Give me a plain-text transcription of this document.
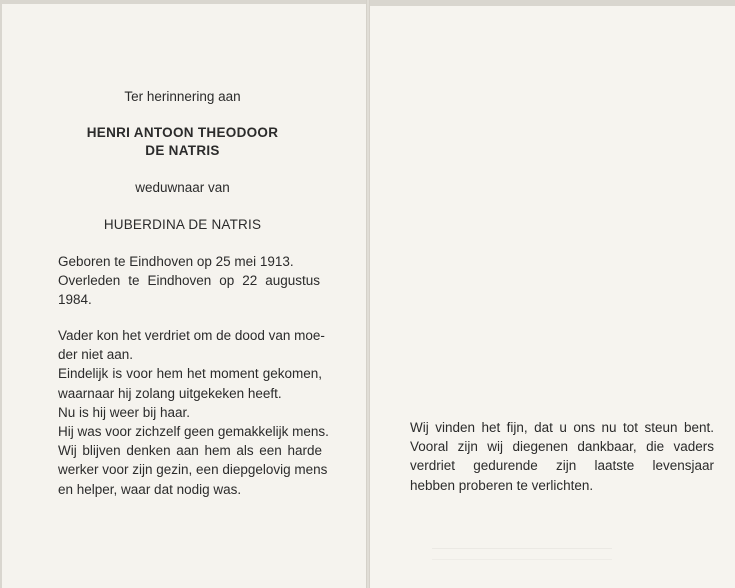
Ter herinnering aan
HENRI ANTOON THEODOOR
DE NATRIS
weduwnaar van
HUBERDINA DE NATRIS
Geboren te Eindhoven op 25 mei 1913.
Overleden te Eindhoven op 22 augustus
1984.
Vader kon het verdriet om de dood van moe-
der niet aan.
Eindelijk is voor hem het moment gekomen,
waarnaar hij zolang uitgekeken heeft.
Nu is hij weer bij haar.
Hij was voor zichzelf geen gemakkelijk mens.
Wij blijven denken aan hem als een harde
werker voor zijn gezin, een diepgelovig mens
en helper, waar dat nodig was.
Wij vinden het fijn, dat u ons nu tot steun bent.
Vooral zijn wij diegenen dankbaar, die vaders
verdriet gedurende zijn laatste levensjaar
hebben proberen te verlichten.
